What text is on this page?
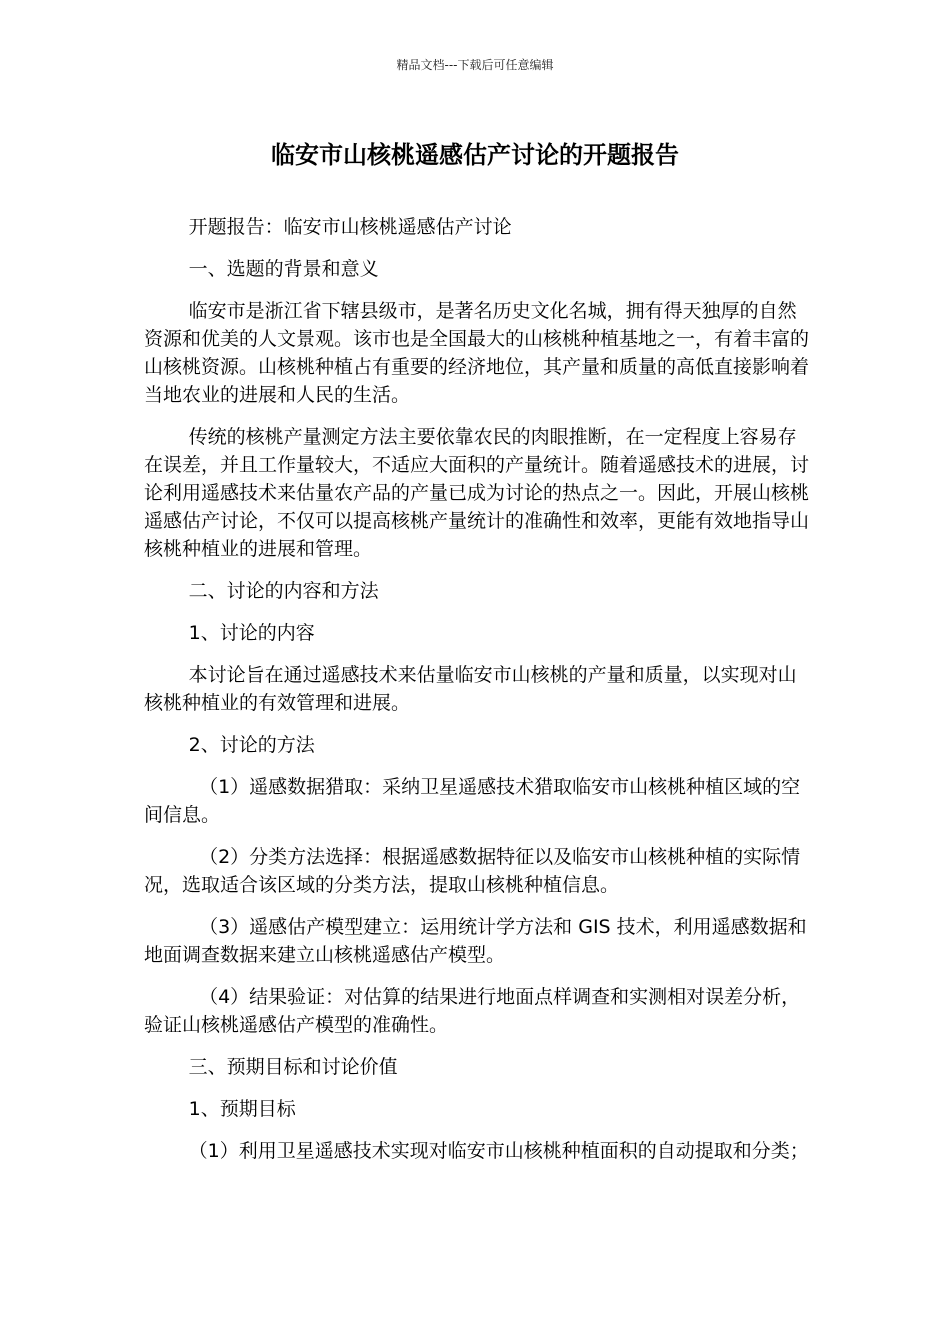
精品文档---下载后可任意编辑
临安市山核桃遥感估产讨论的开题报告

开题报告：临安市山核桃遥感估产讨论

一、选题的背景和意义

临安市是浙江省下辖县级市，是著名历史文化名城，拥有得天独厚的自然资源和优美的人文景观。该市也是全国最大的山核桃种植基地之一，有着丰富的山核桃资源。山核桃种植占有重要的经济地位，其产量和质量的高低直接影响着当地农业的进展和人民的生活。

传统的核桃产量测定方法主要依靠农民的肉眼推断，在一定程度上容易存在误差，并且工作量较大，不适应大面积的产量统计。随着遥感技术的进展，讨论利用遥感技术来估量农产品的产量已成为讨论的热点之一。因此，开展山核桃遥感估产讨论，不仅可以提高核桃产量统计的准确性和效率，更能有效地指导山核桃种植业的进展和管理。

二、讨论的内容和方法

1、讨论的内容

本讨论旨在通过遥感技术来估量临安市山核桃的产量和质量，以实现对山核桃种植业的有效管理和进展。

2、讨论的方法

（1）遥感数据猎取：采纳卫星遥感技术猎取临安市山核桃种植区域的空间信息。

（2）分类方法选择：根据遥感数据特征以及临安市山核桃种植的实际情况，选取适合该区域的分类方法，提取山核桃种植信息。

（3）遥感估产模型建立：运用统计学方法和 GIS 技术，利用遥感数据和地面调查数据来建立山核桃遥感估产模型。

（4）结果验证：对估算的结果进行地面点样调查和实测相对误差分析，验证山核桃遥感估产模型的准确性。

三、预期目标和讨论价值

1、预期目标

（1）利用卫星遥感技术实现对临安市山核桃种植面积的自动提取和分类；
